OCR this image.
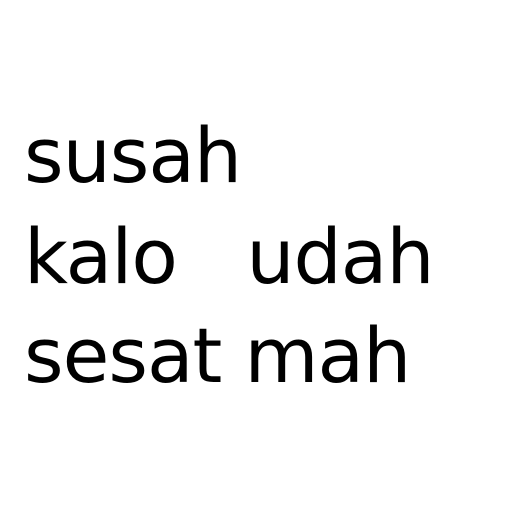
susah

kalo   udah

sesat mah
